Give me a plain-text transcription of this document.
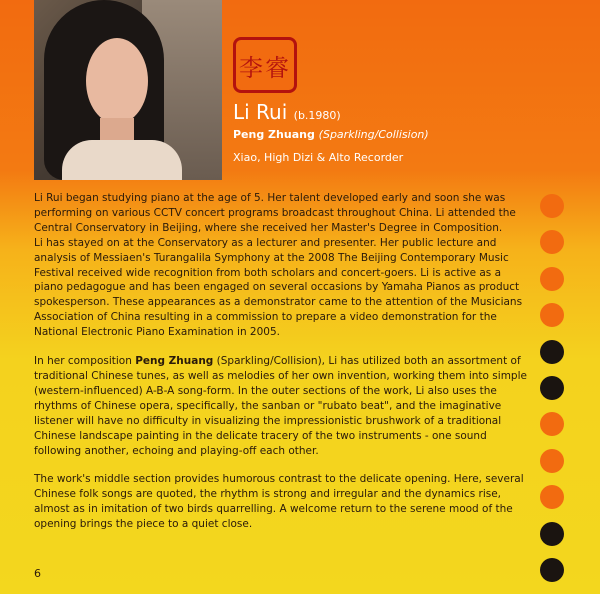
李睿
Li Rui (b.1980)
Peng Zhuang (Sparkling/Collision)
Xiao, High Dizi & Alto Recorder

Li Rui began studying piano at the age of 5. Her talent developed early and soon she was performing on various CCTV concert programs broadcast throughout China. Li attended the Central Conservatory in Beijing, where she received her Master's Degree in Composition.
Li has stayed on at the Conservatory as a lecturer and presenter. Her public lecture and analysis of Messiaen's Turangalila Symphony at the 2008 The Beijing Contemporary Music Festival received wide recognition from both scholars and concert-goers. Li is active as a piano pedagogue and has been engaged on several occasions by Yamaha Pianos as product spokesperson. These appearances as a demonstrator came to the attention of the Musicians Association of China resulting in a commission to prepare a video demonstration for the National Electronic Piano Examination in 2005.

In her composition Peng Zhuang (Sparkling/Collision), Li has utilized both an assortment of traditional Chinese tunes, as well as melodies of her own invention, working them into simple (western-influenced) A-B-A song-form. In the outer sections of the work, Li also uses the rhythms of Chinese opera, specifically, the sanban or "rubato beat", and the imaginative listener will have no difficulty in visualizing the impressionistic brushwork of a traditional Chinese landscape painting in the delicate tracery of the two instruments - one sound following another, echoing and playing-off each other.

The work's middle section provides humorous contrast to the delicate opening. Here, several Chinese folk songs are quoted, the rhythm is strong and irregular and the dynamics rise, almost as in imitation of two birds quarrelling. A welcome return to the serene mood of the opening brings the piece to a quiet close.

6
